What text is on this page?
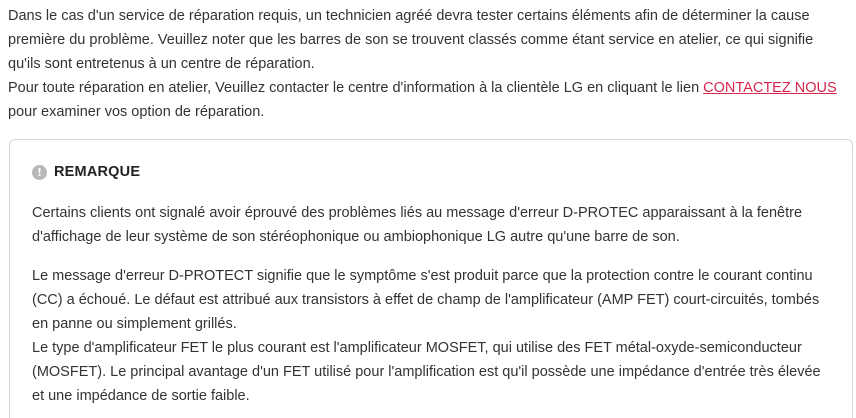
Dans le cas d'un service de réparation requis, un technicien agréé devra tester certains éléments afin de déterminer la cause première du problème. Veuillez noter que les barres de son se trouvent classés comme étant service en atelier, ce qui signifie qu'ils sont entretenus à un centre de réparation.

Pour toute réparation en atelier, Veuillez contacter le centre d'information à la clientèle LG en cliquant le lien CONTACTEZ NOUS pour examiner vos option de réparation.

! REMARQUE

Certains clients ont signalé avoir éprouvé des problèmes liés au message d'erreur D-PROTEC apparaissant à la fenêtre d'affichage de leur système de son stéréophonique ou ambiophonique LG autre qu'une barre de son.

Le message d'erreur D-PROTECT signifie que le symptôme s'est produit parce que la protection contre le courant continu (CC) a échoué. Le défaut est attribué aux transistors à effet de champ de l'amplificateur (AMP FET) court-circuités, tombés en panne ou simplement grillés.

Le type d'amplificateur FET le plus courant est l'amplificateur MOSFET, qui utilise des FET métal-oxyde-semiconducteur (MOSFET). Le principal avantage d'un FET utilisé pour l'amplification est qu'il possède une impédance d'entrée très élevée et une impédance de sortie faible.
